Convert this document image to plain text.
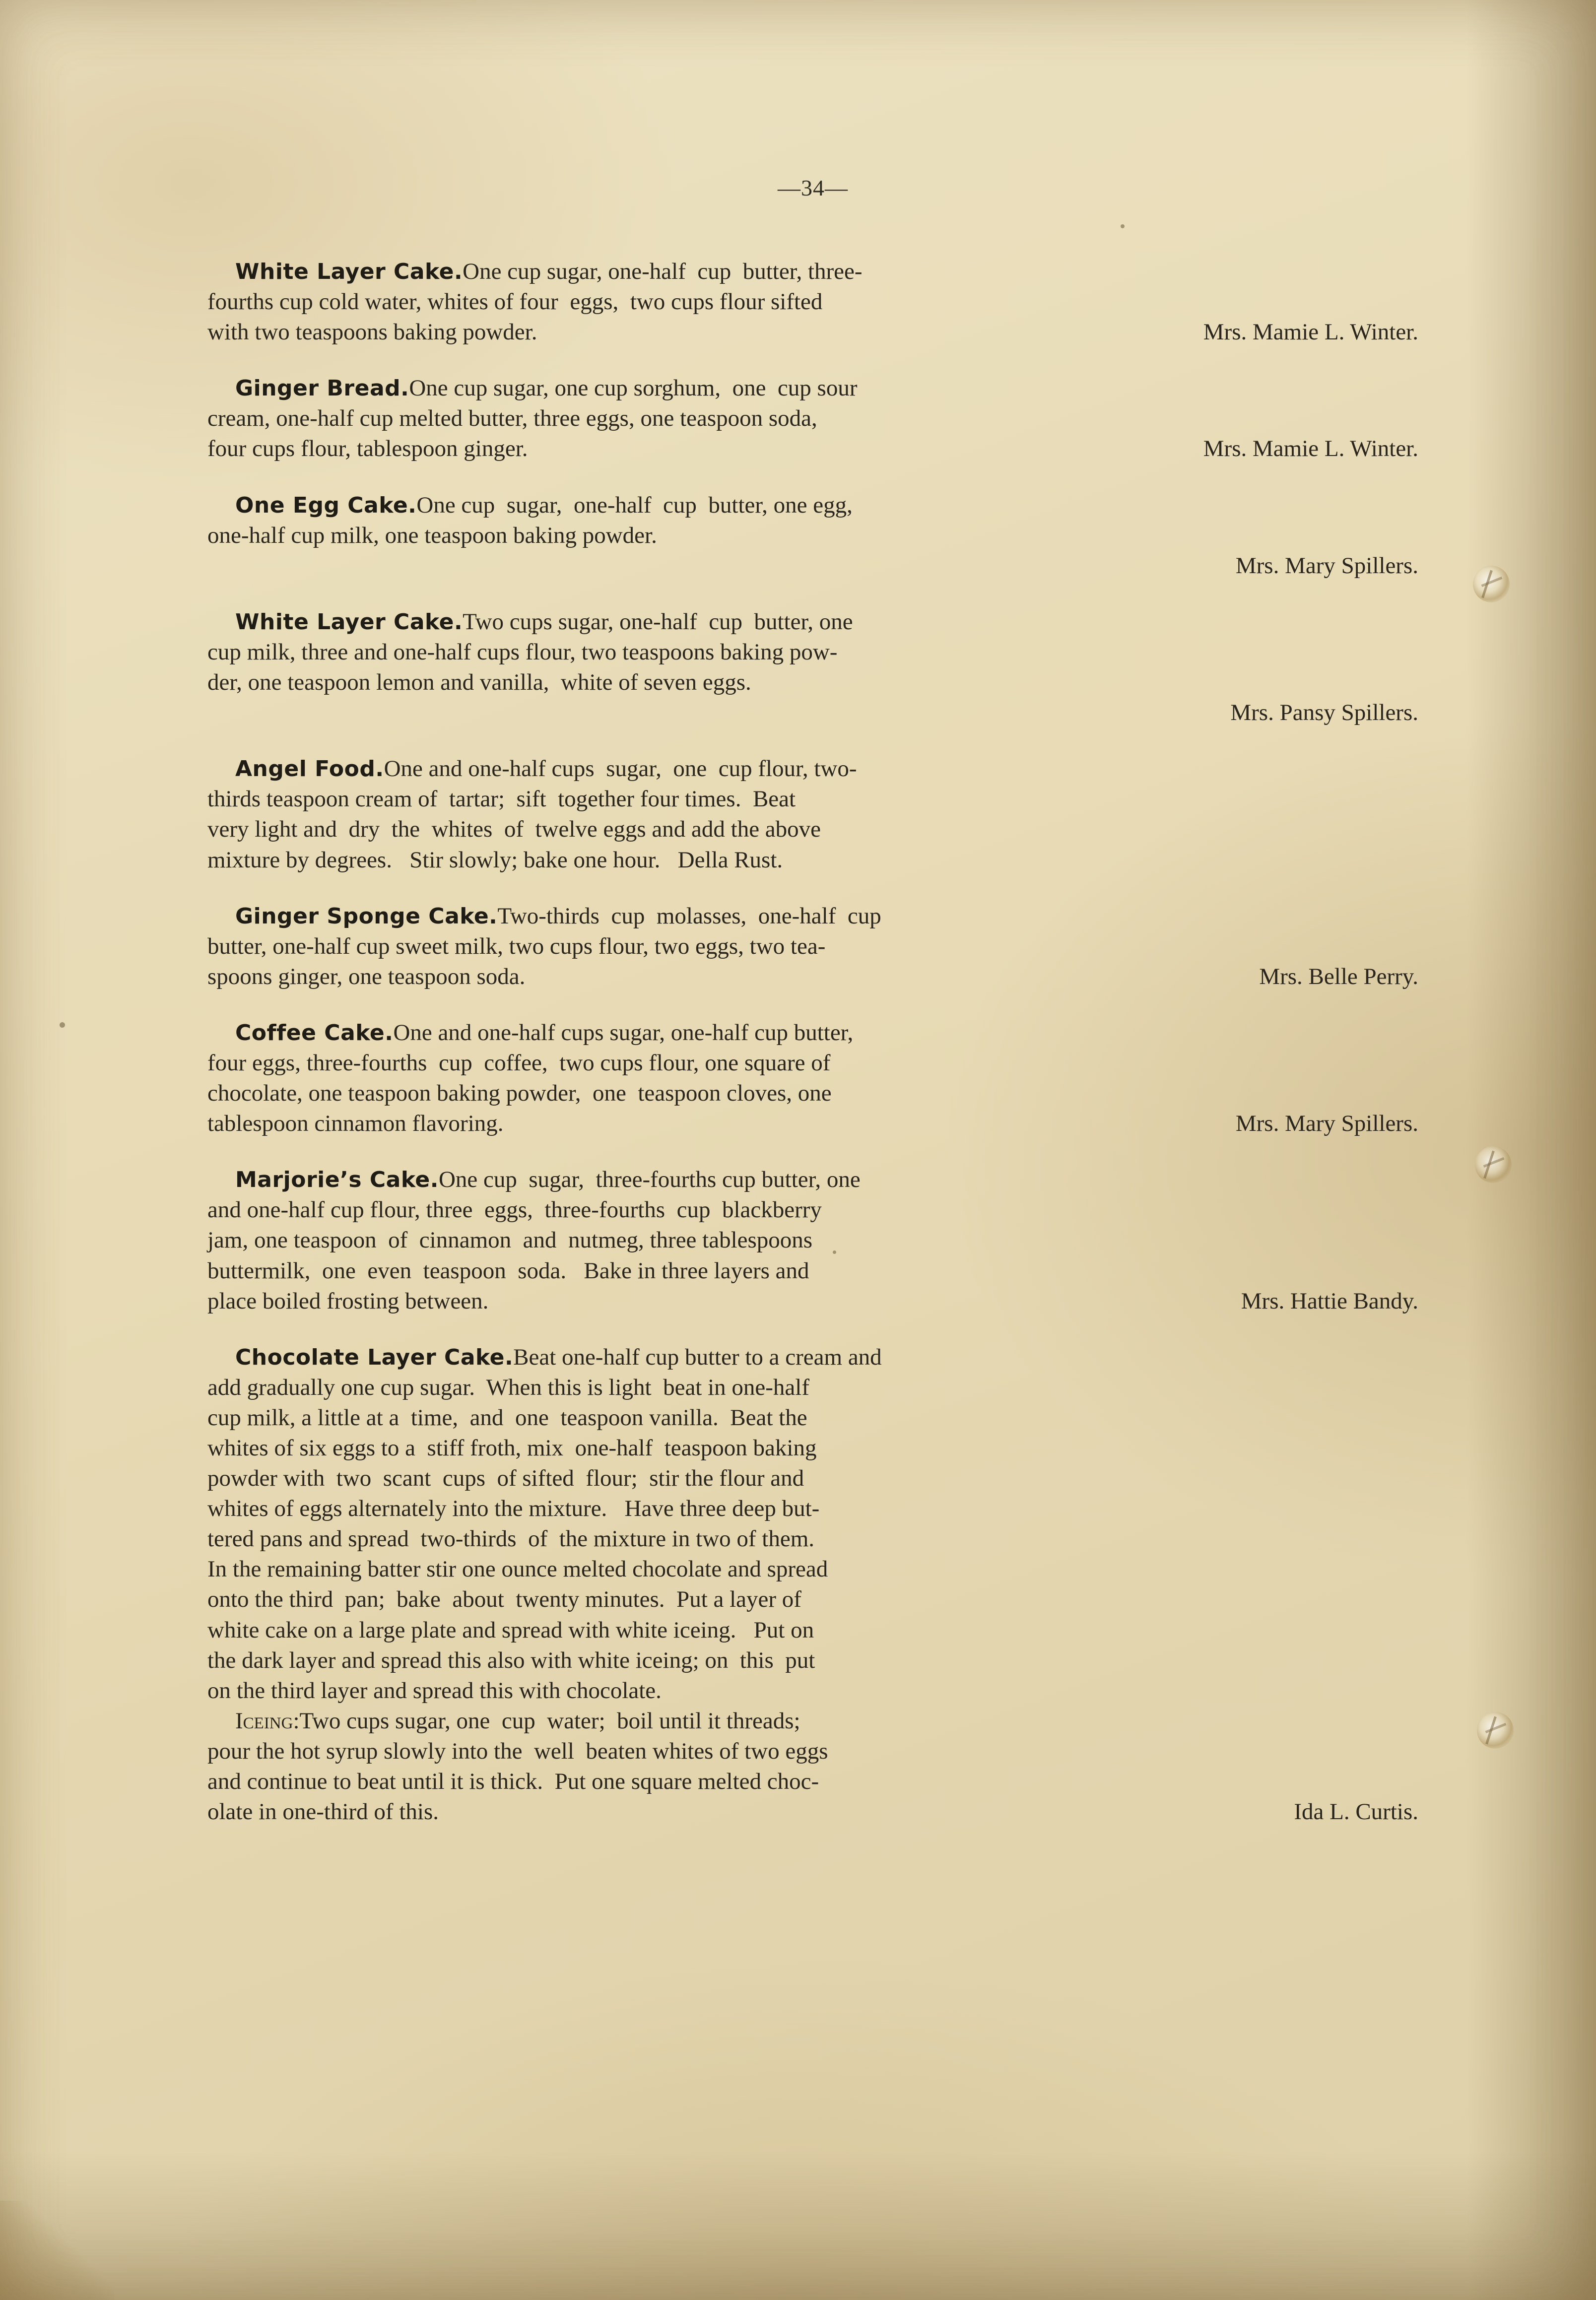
—34—
White Layer Cake.One cup sugar, one-half  cup  butter, three-
fourths cup cold water, whites of four  eggs,  two cups flour sifted
with two teaspoons baking powder.	Mrs. Mamie L. Winter.
Ginger Bread.One cup sugar, one cup sorghum,  one  cup sour
cream, one-half cup melted butter, three eggs, one teaspoon soda,
four cups flour, tablespoon ginger.	Mrs. Mamie L. Winter.
One Egg Cake.One cup  sugar,  one-half  cup  butter, one egg,
one-half cup milk, one teaspoon baking powder.
Mrs. Mary Spillers.
White Layer Cake.Two cups sugar, one-half  cup  butter, one
cup milk, three and one-half cups flour, two teaspoons baking pow-
der, one teaspoon lemon and vanilla,  white of seven eggs.
Mrs. Pansy Spillers.
Angel Food.One and one-half cups  sugar,  one  cup flour, two-
thirds teaspoon cream of  tartar;  sift  together four times.  Beat
very light and  dry  the  whites  of  twelve eggs and add the above
mixture by degrees.   Stir slowly; bake one hour.   Della Rust.
Ginger Sponge Cake.Two-thirds  cup  molasses,  one-half  cup
butter, one-half cup sweet milk, two cups flour, two eggs, two tea-
spoons ginger, one teaspoon soda.	Mrs. Belle Perry.
Coffee Cake.One and one-half cups sugar, one-half cup butter,
four eggs, three-fourths  cup  coffee,  two cups flour, one square of
chocolate, one teaspoon baking powder,  one  teaspoon cloves, one
tablespoon cinnamon flavoring.	Mrs. Mary Spillers.
Marjorie’s Cake.One cup  sugar,  three-fourths cup butter, one
and one-half cup flour, three  eggs,  three-fourths  cup  blackberry
jam, one teaspoon  of  cinnamon  and  nutmeg, three tablespoons
buttermilk,  one  even  teaspoon  soda.   Bake in three layers and
place boiled frosting between.	Mrs. Hattie Bandy.
Chocolate Layer Cake.Beat one-half cup butter to a cream and
add gradually one cup sugar.  When this is light  beat in one-half
cup milk, a little at a  time,  and  one  teaspoon vanilla.  Beat the
whites of six eggs to a  stiff froth, mix  one-half  teaspoon baking
powder with  two  scant  cups  of sifted  flour;  stir the flour and
whites of eggs alternately into the mixture.   Have three deep but-
tered pans and spread  two-thirds  of  the mixture in two of them.
In the remaining batter stir one ounce melted chocolate and spread
onto the third  pan;  bake  about  twenty minutes.  Put a layer of
white cake on a large plate and spread with white iceing.   Put on
the dark layer and spread this also with white iceing; on  this  put
on the third layer and spread this with chocolate.
Iceing:Two cups sugar, one  cup  water;  boil until it threads;
pour the hot syrup slowly into the  well  beaten whites of two eggs
and continue to beat until it is thick.  Put one square melted choc-
olate in one-third of this.	Ida L. Curtis.
